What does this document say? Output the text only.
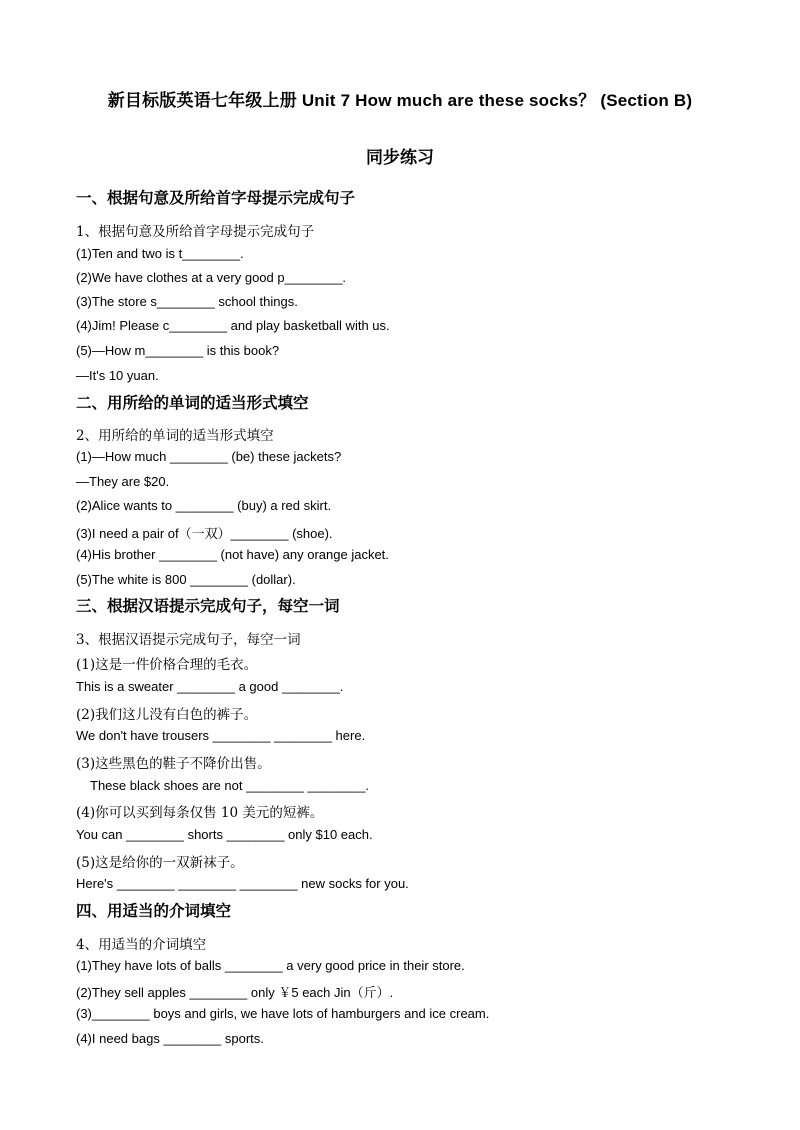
新目标版英语七年级上册 Unit 7 How much are these socks？ (Section B)
同步练习
一、根据句意及所给首字母提示完成句子

1、根据句意及所给首字母提示完成句子

(1)Ten and two is t________.

(2)We have clothes at a very good p________.

(3)The store s________ school things.

(4)Jim! Please c________ and play basketball with us.

(5)—How m________ is this book?

—It's 10 yuan.

二、用所给的单词的适当形式填空

2、用所给的单词的适当形式填空

(1)—How much ________ (be) these jackets?

—They are $20.

(2)Alice wants to ________ (buy) a red skirt.

(3)I need a pair of（一双）________ (shoe).

(4)His brother ________ (not have) any orange jacket.

(5)The white is 800 ________ (dollar).

三、根据汉语提示完成句子，每空一词

3、根据汉语提示完成句子，每空一词

(1)这是一件价格合理的毛衣。

This is a sweater ________ a good ________.

(2)我们这儿没有白色的裤子。

We don't have trousers ________ ________ here.

(3)这些黑色的鞋子不降价出售。

These black shoes are not ________ ________.

(4)你可以买到每条仅售 10 美元的短裤。

You can ________ shorts ________ only $10 each.

(5)这是给你的一双新袜子。

Here's ________ ________ ________ new socks for you.

四、用适当的介词填空

4、用适当的介词填空

(1)They have lots of balls ________ a very good price in their store.

(2)They sell apples ________ only ￥5 each Jin（斤）.

(3)________ boys and girls, we have lots of hamburgers and ice cream.

(4)I need bags ________ sports.
